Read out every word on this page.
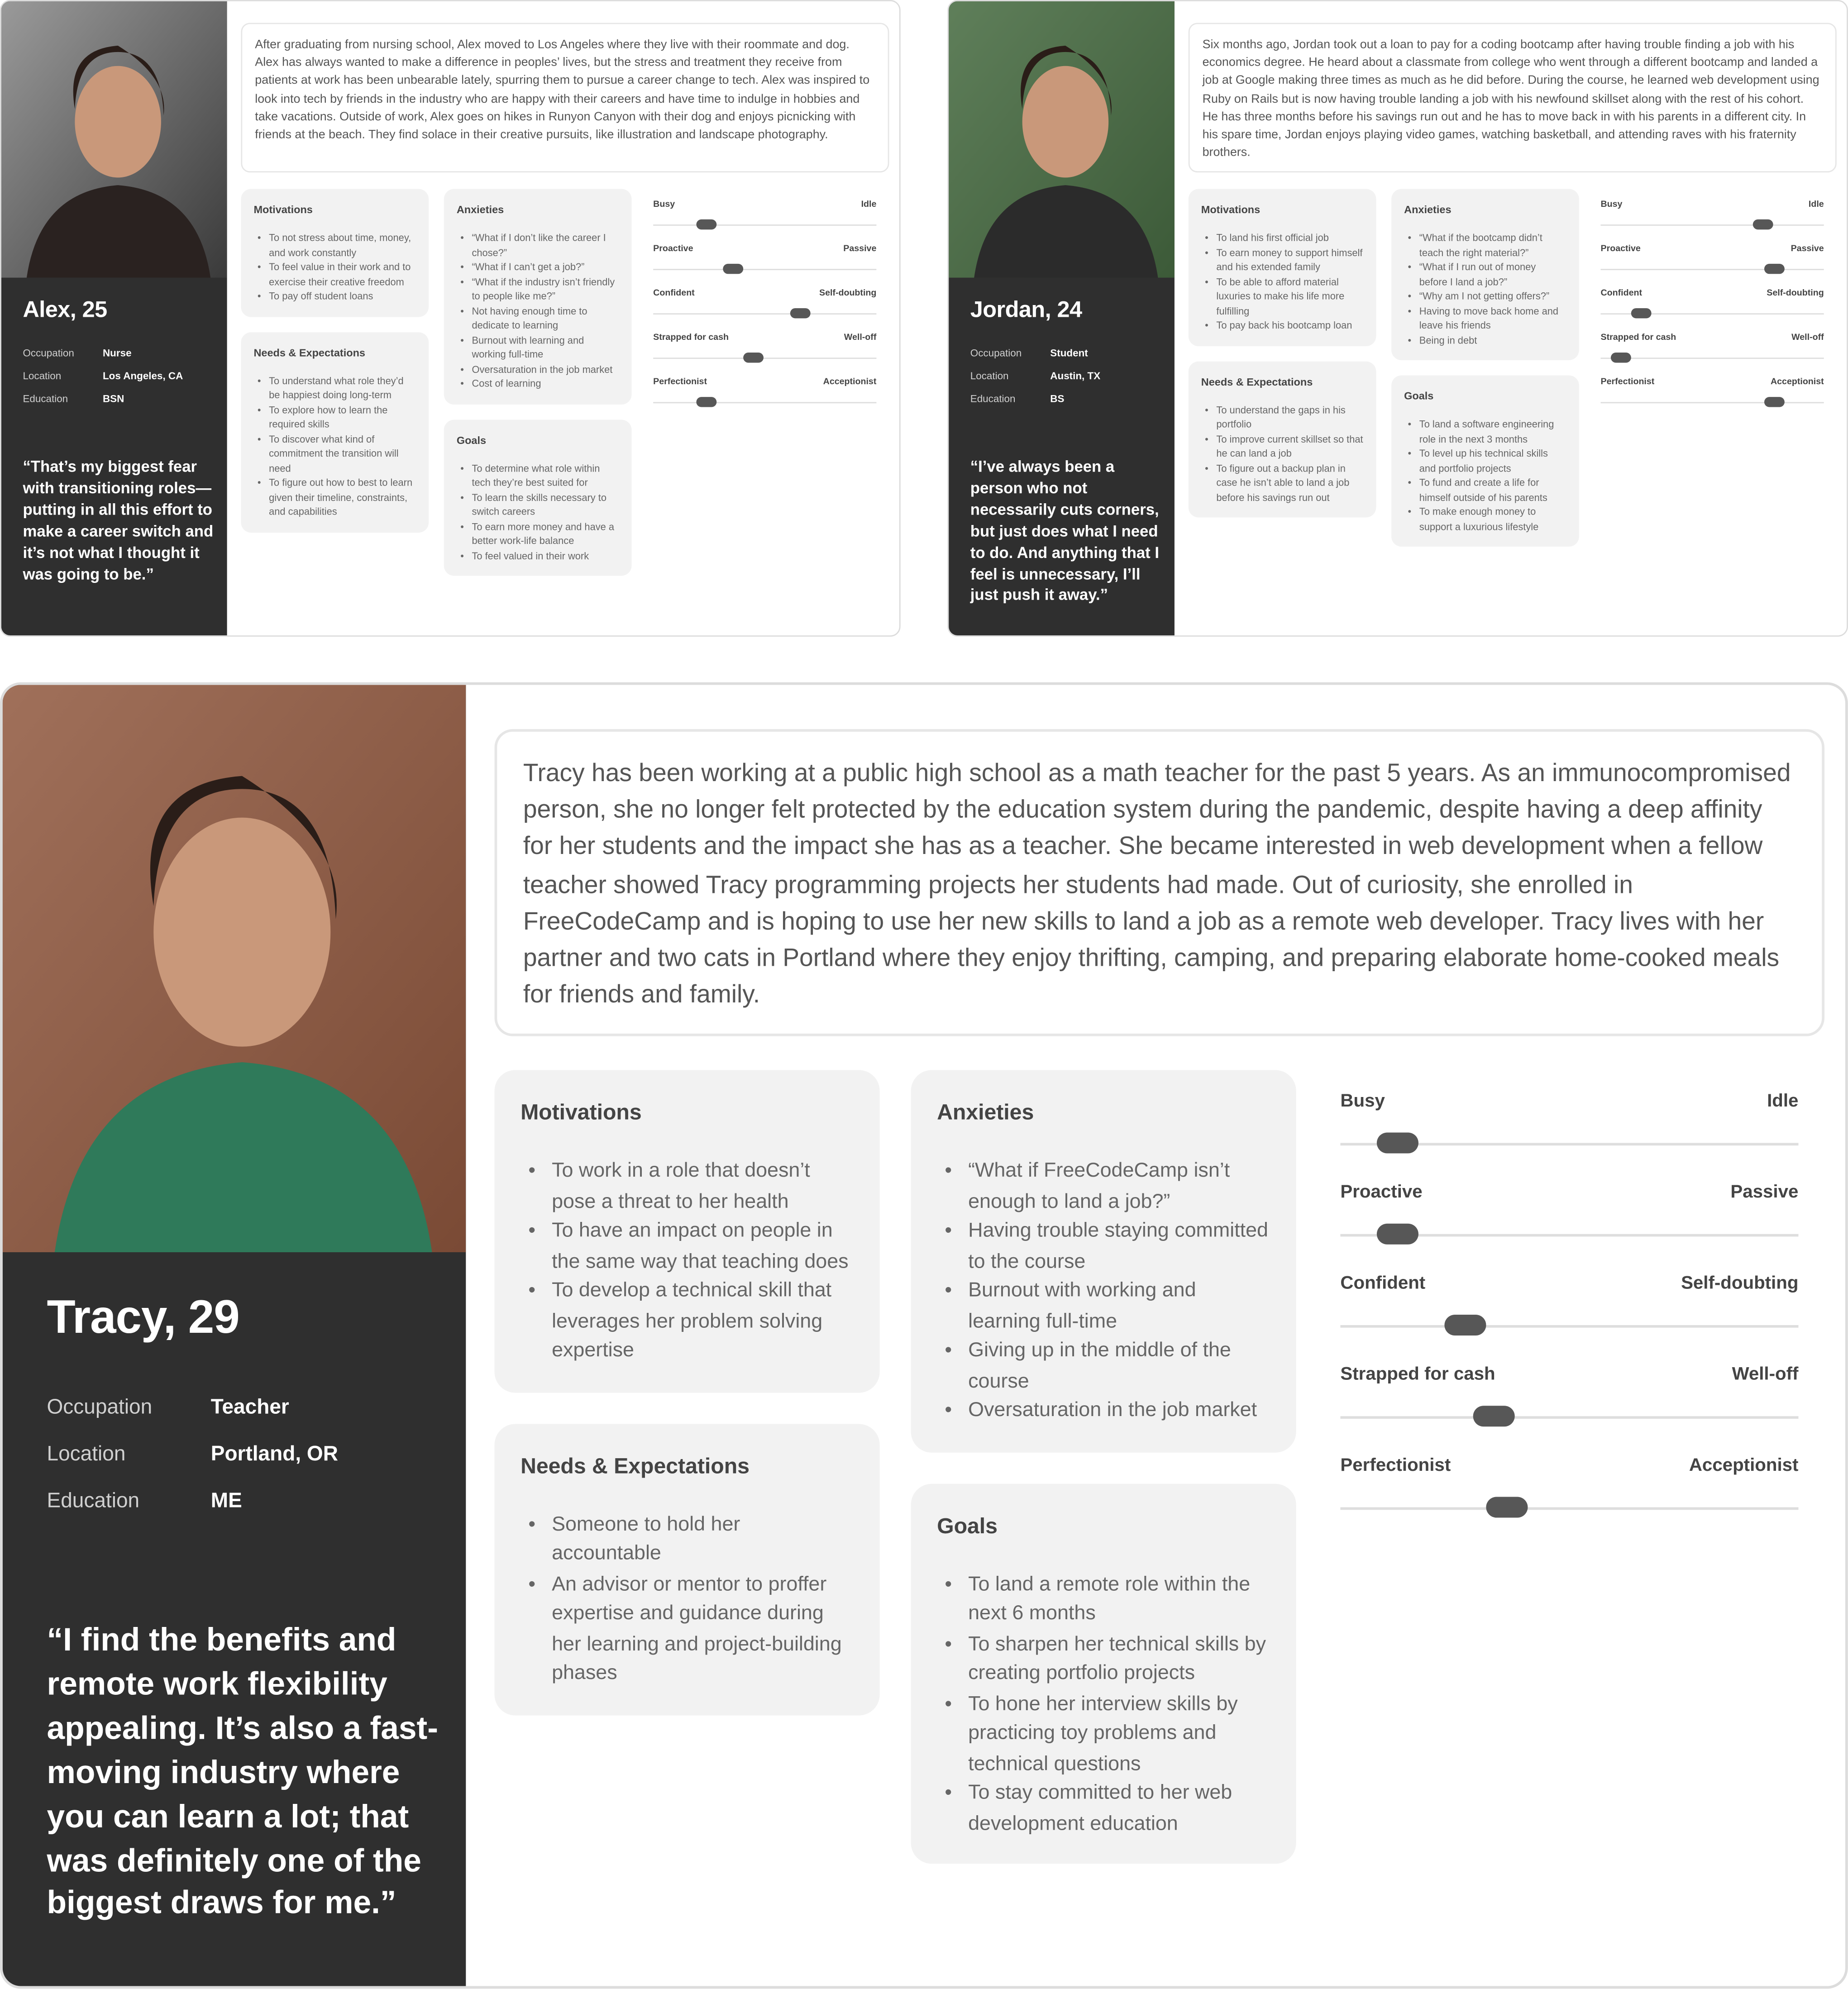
Alex, 25
Occupation	Nurse
Location	Los Angeles, CA
Education	BSN
“That’s my biggest fear with transitioning roles—putting in all this effort to make a career switch and it’s not what I thought it was going to be.”
After graduating from nursing school, Alex moved to Los Angeles where they live with their roommate and dog. Alex has always wanted to make a difference in peoples’ lives, but the stress and treatment they receive from patients at work has been unbearable lately, spurring them to pursue a career change to tech. Alex was inspired to look into tech by friends in the industry who are happy with their careers and have time to indulge in hobbies and take vacations. Outside of work, Alex goes on hikes in Runyon Canyon with their dog and enjoys picnicking with friends at the beach. They find solace in their creative pursuits, like illustration and landscape photography.
Motivations
• To not stress about time, money, and work constantly
• To feel value in their work and to exercise their creative freedom
• To pay off student loans
Needs & Expectations
• To understand what role they’d be happiest doing long-term
• To explore how to learn the required skills
• To discover what kind of commitment the transition will need
• To figure out how to best to learn given their timeline, constraints, and capabilities
Anxieties
• “What if I don’t like the career I chose?”
• “What if I can’t get a job?”
• “What if the industry isn’t friendly to people like me?”
• Not having enough time to dedicate to learning
• Burnout with learning and working full-time
• Oversaturation in the job market
• Cost of learning
Goals
• To determine what role within tech they’re best suited for
• To learn the skills necessary to switch careers
• To earn more money and have a better work-life balance
• To feel valued in their work
Busy	Idle
Proactive	Passive
Confident	Self-doubting
Strapped for cash	Well-off
Perfectionist	Acceptionist
Jordan, 24
Occupation	Student
Location	Austin, TX
Education	BS
“I’ve always been a person who not necessarily cuts corners, but just does what I need to do. And anything that I feel is unnecessary, I’ll just push it away.”
Six months ago, Jordan took out a loan to pay for a coding bootcamp after having trouble finding a job with his economics degree. He heard about a classmate from college who went through a different bootcamp and landed a job at Google making three times as much as he did before. During the course, he learned web development using Ruby on Rails but is now having trouble landing a job with his newfound skillset along with the rest of his cohort. He has three months before his savings run out and he has to move back in with his parents in a different city. In his spare time, Jordan enjoys playing video games, watching basketball, and attending raves with his fraternity brothers.
Motivations
• To land his first official job
• To earn money to support himself and his extended family
• To be able to afford material luxuries to make his life more fulfilling
• To pay back his bootcamp loan
Needs & Expectations
• To understand the gaps in his portfolio
• To improve current skillset so that he can land a job
• To figure out a backup plan in case he isn’t able to land a job before his savings run out
Anxieties
• “What if the bootcamp didn’t teach the right material?”
• “What if I run out of money before I land a job?”
• “Why am I not getting offers?”
• Having to move back home and leave his friends
• Being in debt
Goals
• To land a software engineering role in the next 3 months
• To level up his technical skills and portfolio projects
• To fund and create a life for himself outside of his parents
• To make enough money to support a luxurious lifestyle
Busy	Idle
Proactive	Passive
Confident	Self-doubting
Strapped for cash	Well-off
Perfectionist	Acceptionist
Tracy, 29
Occupation	Teacher
Location	Portland, OR
Education	ME
“I find the benefits and remote work flexibility appealing. It’s also a fast-moving industry where you can learn a lot; that was definitely one of the biggest draws for me.”
Tracy has been working at a public high school as a math teacher for the past 5 years. As an immunocompromised person, she no longer felt protected by the education system during the pandemic, despite having a deep affinity for her students and the impact she has as a teacher. She became interested in web development when a fellow teacher showed Tracy programming projects her students had made. Out of curiosity, she enrolled in FreeCodeCamp and is hoping to use her new skills to land a job as a remote web developer. Tracy lives with her partner and two cats in Portland where they enjoy thrifting, camping, and preparing elaborate home-cooked meals for friends and family.
Motivations
• To work in a role that doesn’t pose a threat to her health
• To have an impact on people in the same way that teaching does
• To develop a technical skill that leverages her problem solving expertise
Needs & Expectations
• Someone to hold her accountable
• An advisor or mentor to proffer expertise and guidance during her learning and project-building phases
Anxieties
• “What if FreeCodeCamp isn’t enough to land a job?”
• Having trouble staying committed to the course
• Burnout with working and learning full-time
• Giving up in the middle of the course
• Oversaturation in the job market
Goals
• To land a remote role within the next 6 months
• To sharpen her technical skills by creating portfolio projects
• To hone her interview skills by practicing toy problems and technical questions
• To stay committed to her web development education
Busy	Idle
Proactive	Passive
Confident	Self-doubting
Strapped for cash	Well-off
Perfectionist	Acceptionist
